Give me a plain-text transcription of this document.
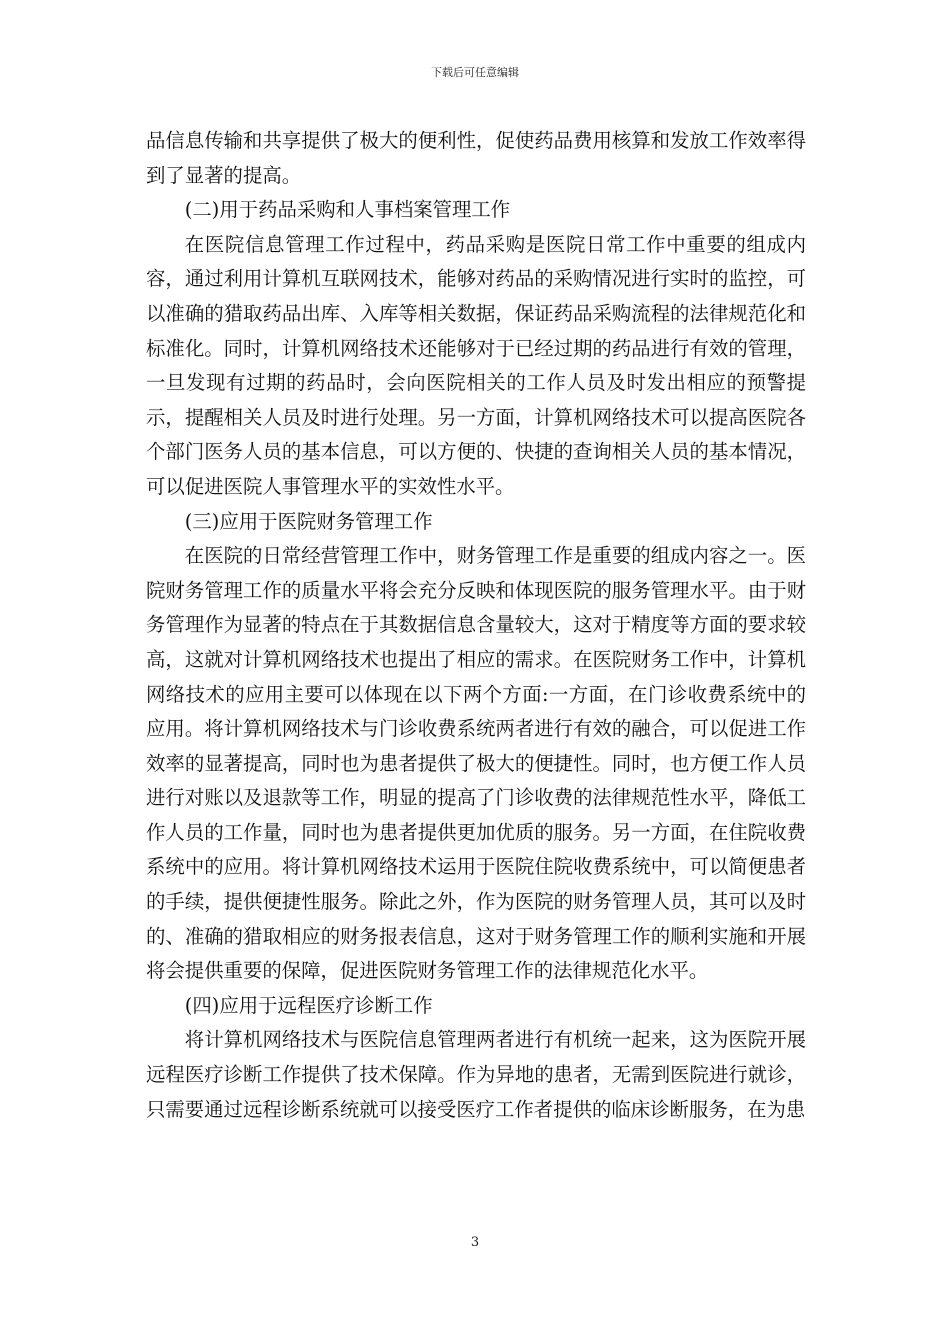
下载后可任意编辑

品信息传输和共享提供了极大的便利性，促使药品费用核算和发放工作效率得到了显著的提高。

(二)用于药品采购和人事档案管理工作

在医院信息管理工作过程中，药品采购是医院日常工作中重要的组成内容，通过利用计算机互联网技术，能够对药品的采购情况进行实时的监控，可以准确的猎取药品出库、入库等相关数据，保证药品采购流程的法律规范化和标准化。同时，计算机网络技术还能够对于已经过期的药品进行有效的管理，一旦发现有过期的药品时，会向医院相关的工作人员及时发出相应的预警提示，提醒相关人员及时进行处理。另一方面，计算机网络技术可以提高医院各个部门医务人员的基本信息，可以方便的、快捷的查询相关人员的基本情况，可以促进医院人事管理水平的实效性水平。

(三)应用于医院财务管理工作

在医院的日常经营管理工作中，财务管理工作是重要的组成内容之一。医院财务管理工作的质量水平将会充分反映和体现医院的服务管理水平。由于财务管理作为显著的特点在于其数据信息含量较大，这对于精度等方面的要求较高，这就对计算机网络技术也提出了相应的需求。在医院财务工作中，计算机网络技术的应用主要可以体现在以下两个方面:一方面，在门诊收费系统中的应用。将计算机网络技术与门诊收费系统两者进行有效的融合，可以促进工作效率的显著提高，同时也为患者提供了极大的便捷性。同时，也方便工作人员进行对账以及退款等工作，明显的提高了门诊收费的法律规范性水平，降低工作人员的工作量，同时也为患者提供更加优质的服务。另一方面，在住院收费系统中的应用。将计算机网络技术运用于医院住院收费系统中，可以简便患者的手续，提供便捷性服务。除此之外，作为医院的财务管理人员，其可以及时的、准确的猎取相应的财务报表信息，这对于财务管理工作的顺利实施和开展将会提供重要的保障，促进医院财务管理工作的法律规范化水平。

(四)应用于远程医疗诊断工作

将计算机网络技术与医院信息管理两者进行有机统一起来，这为医院开展远程医疗诊断工作提供了技术保障。作为异地的患者，无需到医院进行就诊，只需要通过远程诊断系统就可以接受医疗工作者提供的临床诊断服务，在为患

3
